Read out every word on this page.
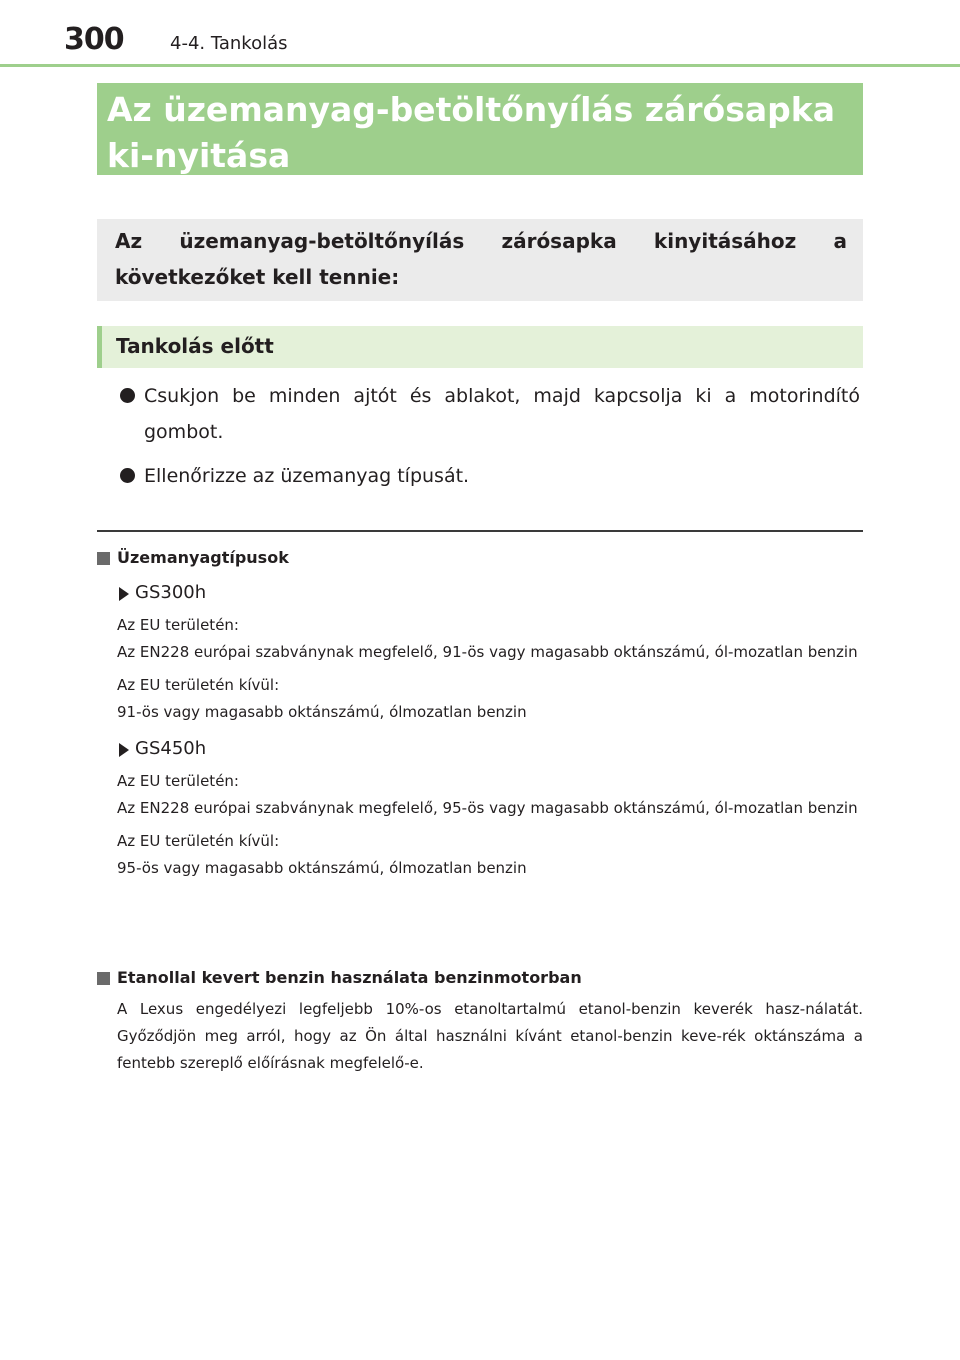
300	4-4. Tankolás
Az üzemanyag-betöltőnyílás zárósapka ki-nyitása

Az üzemanyag-betöltőnyílás zárósapka kinyitásához a következőket kell tennie:

Tankolás előtt
Csukjon be minden ajtót és ablakot, majd kapcsolja ki a motorindító gombot.
Ellenőrizze az üzemanyag típusát.
Üzemanyagtípusok
GS300h
Az EU területén:
Az EN228 európai szabványnak megfelelő, 91-ös vagy magasabb oktánszámú, ól-mozatlan benzin
Az EU területén kívül:
91-ös vagy magasabb oktánszámú, ólmozatlan benzin
GS450h
Az EU területén:
Az EN228 európai szabványnak megfelelő, 95-ös vagy magasabb oktánszámú, ól-mozatlan benzin
Az EU területén kívül:
95-ös vagy magasabb oktánszámú, ólmozatlan benzin
Etanollal kevert benzin használata benzinmotorban
A Lexus engedélyezi legfeljebb 10%-os etanoltartalmú etanol-benzin keverék hasz-nálatát. Győződjön meg arról, hogy az Ön által használni kívánt etanol-benzin keve-rék oktánszáma a fentebb szereplő előírásnak megfelelő-e.
